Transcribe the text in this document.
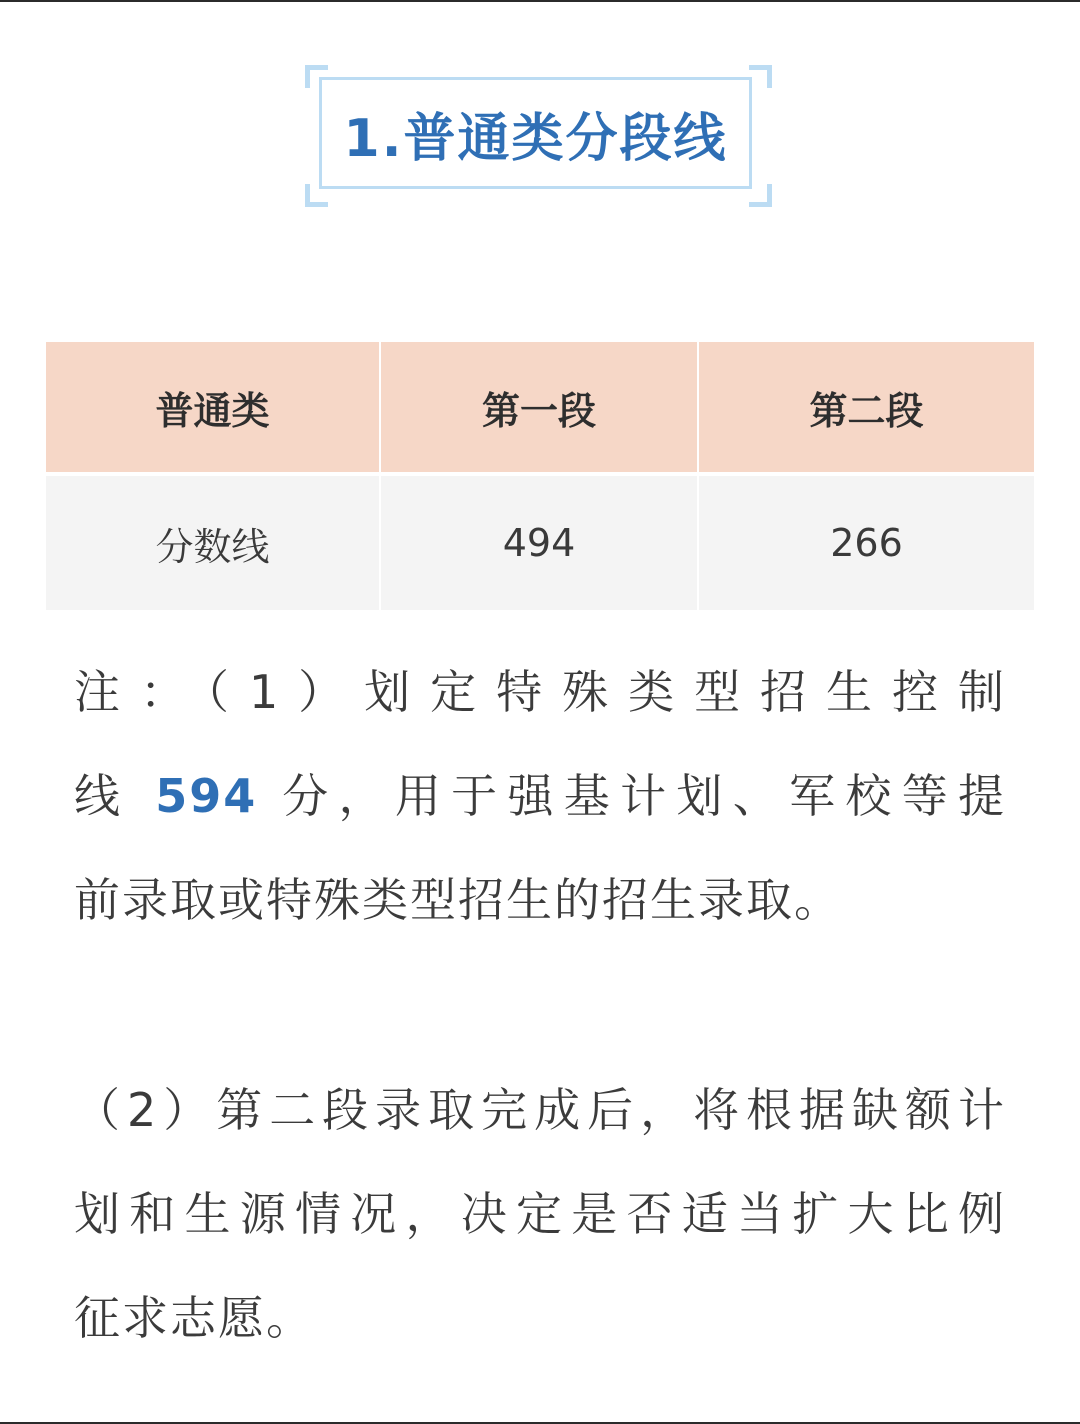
1.普通类分段线
普通类	第一段	第二段
分数线	494	266
注：（1）划定特殊类型招生控制
线 594 分，用于强基计划、军校等提
前录取或特殊类型招生的招生录取。
（2）第二段录取完成后，将根据缺额计
划和生源情况，决定是否适当扩大比例
征求志愿。
